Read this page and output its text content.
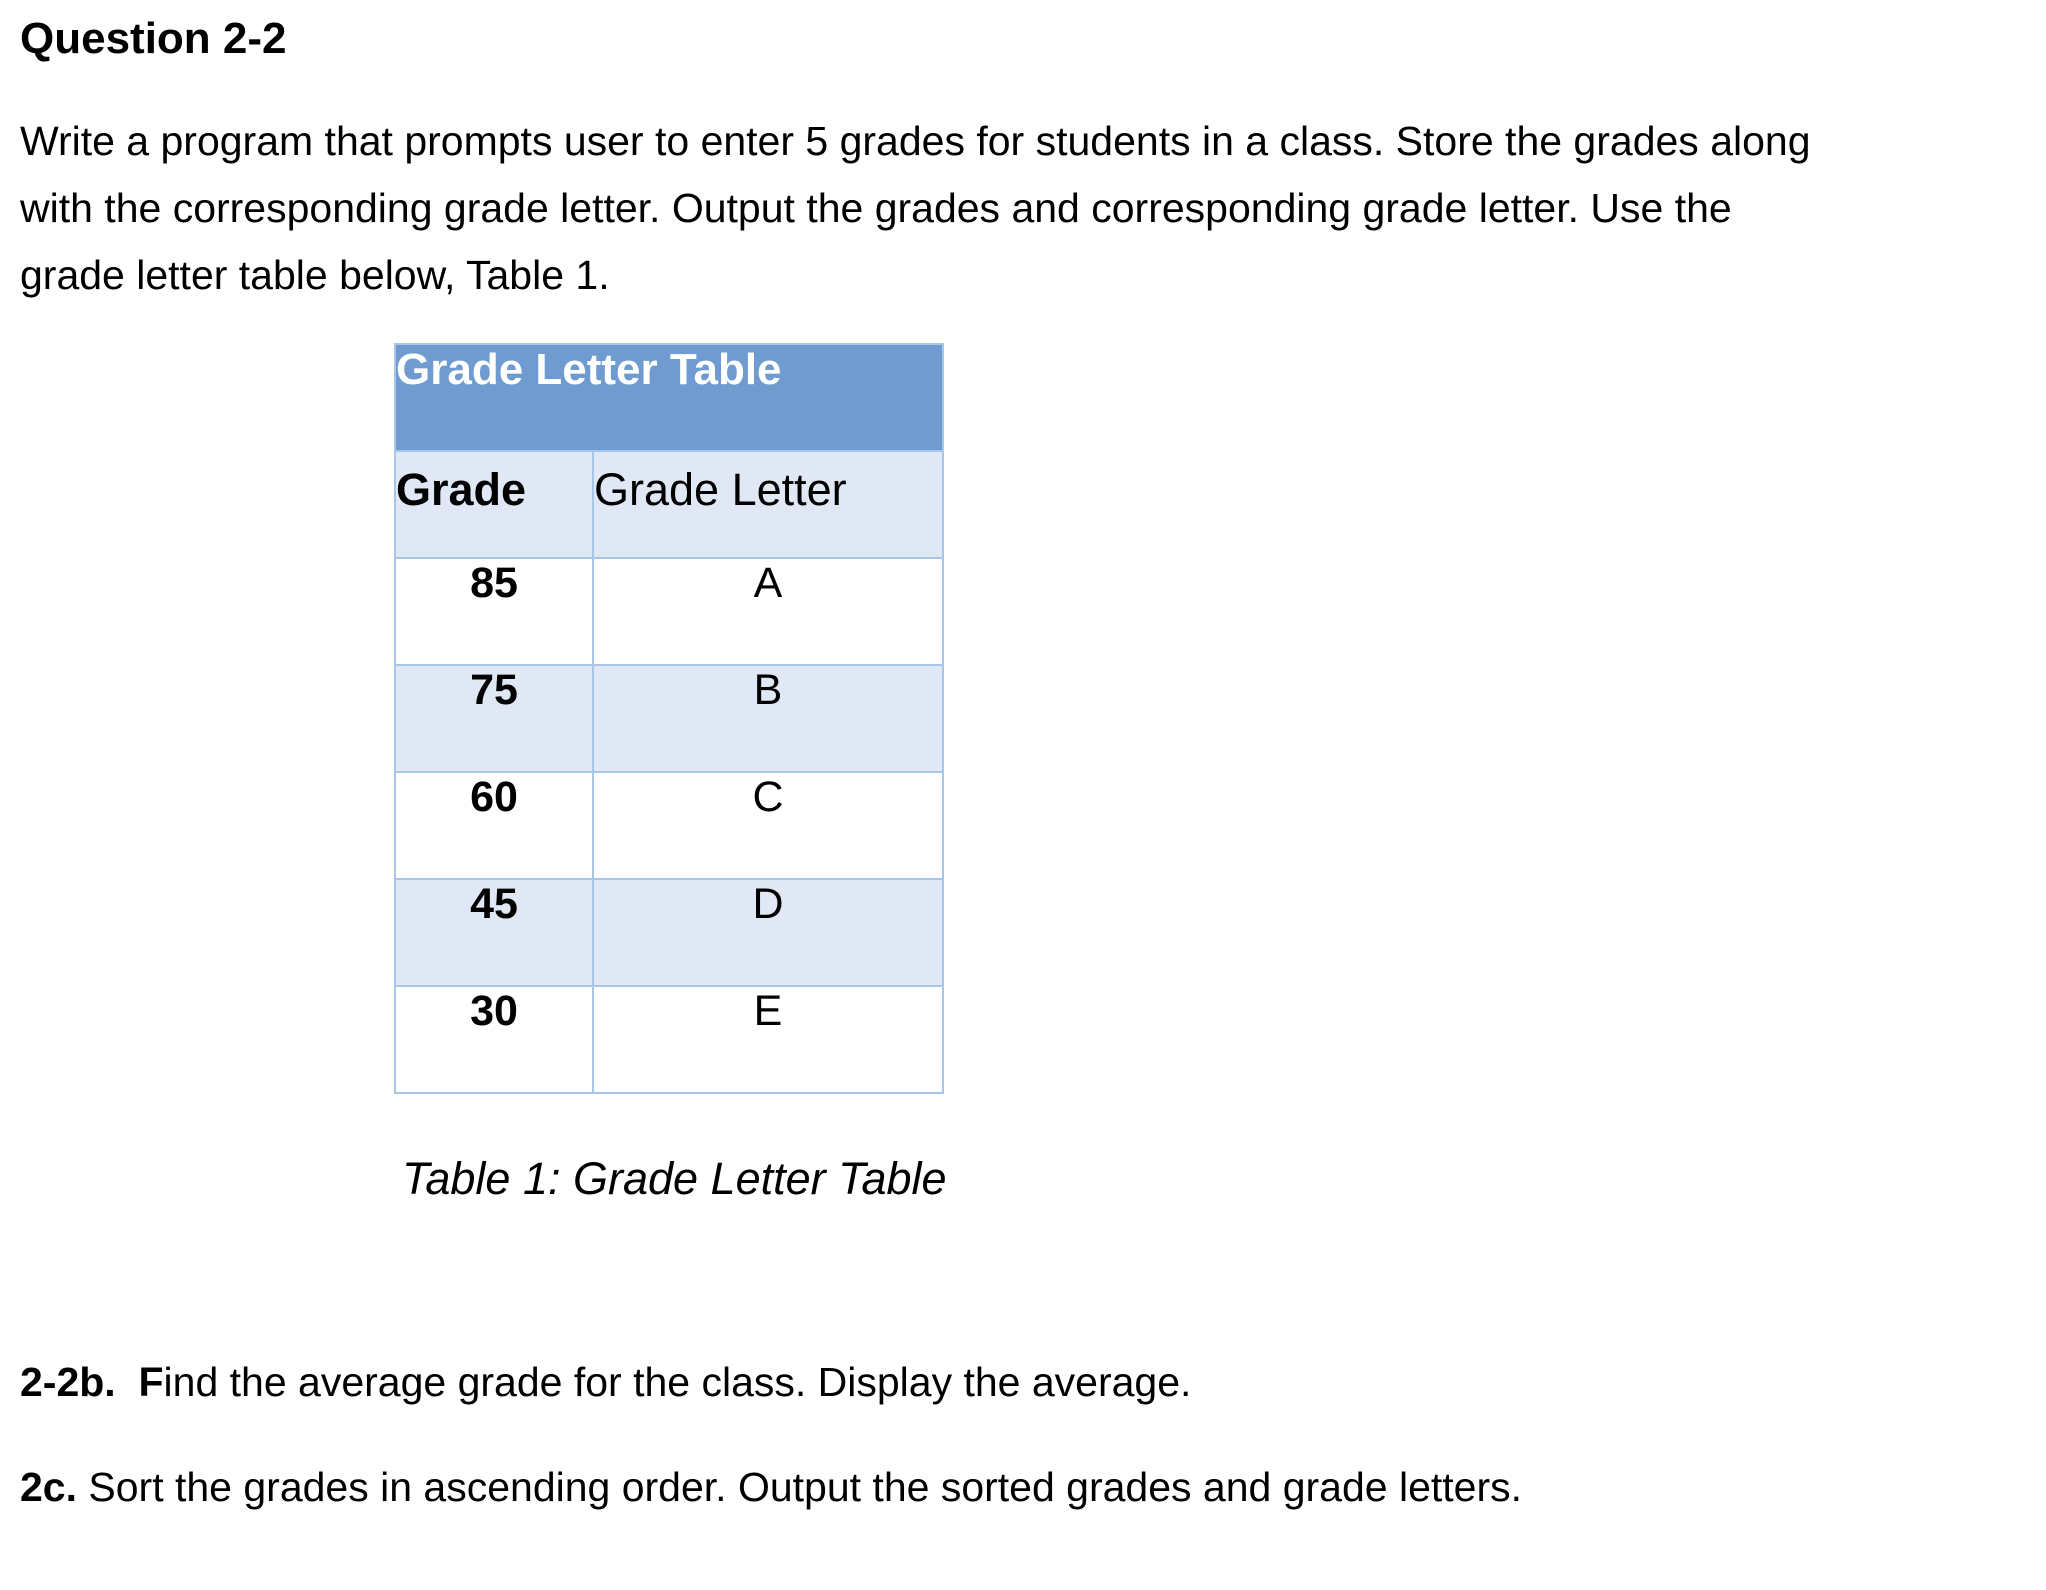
Question 2-2
Write a program that prompts user to enter 5 grades for students in a class. Store the grades along
with the corresponding grade letter. Output the grades and corresponding grade letter. Use the
grade letter table below, Table 1.
Grade Letter Table	
Grade	Grade Letter
85	A
75	B
60	C
45	D
30	E
Table 1: Grade Letter Table
2-2b. Find the average grade for the class. Display the average.
2c. Sort the grades in ascending order. Output the sorted grades and grade letters.
